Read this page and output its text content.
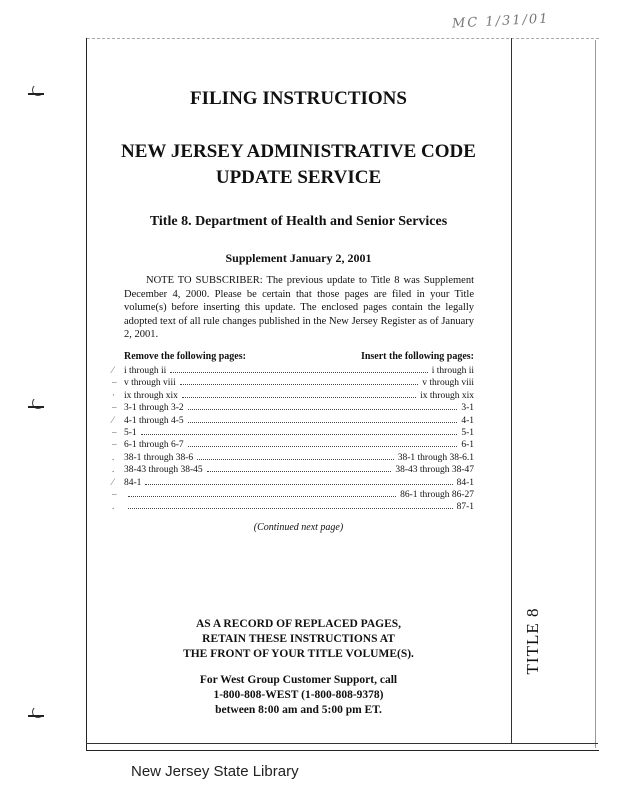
MC 1/31/01
TITLE 8
FILING INSTRUCTIONS
NEW JERSEY ADMINISTRATIVE CODE
UPDATE SERVICE
Title 8. Department of Health and Senior Services
Supplement January 2, 2001
NOTE TO SUBSCRIBER: The previous update to Title 8 was Supplement December 4, 2000. Please be certain that those pages are filed in your Title volume(s) before inserting this update. The enclosed pages contain the legally adopted text of all rule changes published in the New Jersey Register as of January 2, 2001.
Remove the following pages:	Insert the following pages:
⁄ i through ii	i through ii
– v through viii	v through viii
· ix through xix	ix through xix
– 3-1 through 3-2	3-1
⁄ 4-1 through 4-5	4-1
– 5-1	5-1
– 6-1 through 6-7	6-1
. 38-1 through 38-6	38-1 through 38-6.1
. 38-43 through 38-45	38-43 through 38-47
⁄ 84-1	84-1
–	86-1 through 86-27
.	87-1
(Continued next page)
AS A RECORD OF REPLACED PAGES,
RETAIN THESE INSTRUCTIONS AT
THE FRONT OF YOUR TITLE VOLUME(S).
For West Group Customer Support, call
1-800-808-WEST (1-800-808-9378)
between 8:00 am and 5:00 pm ET.
New Jersey State Library
